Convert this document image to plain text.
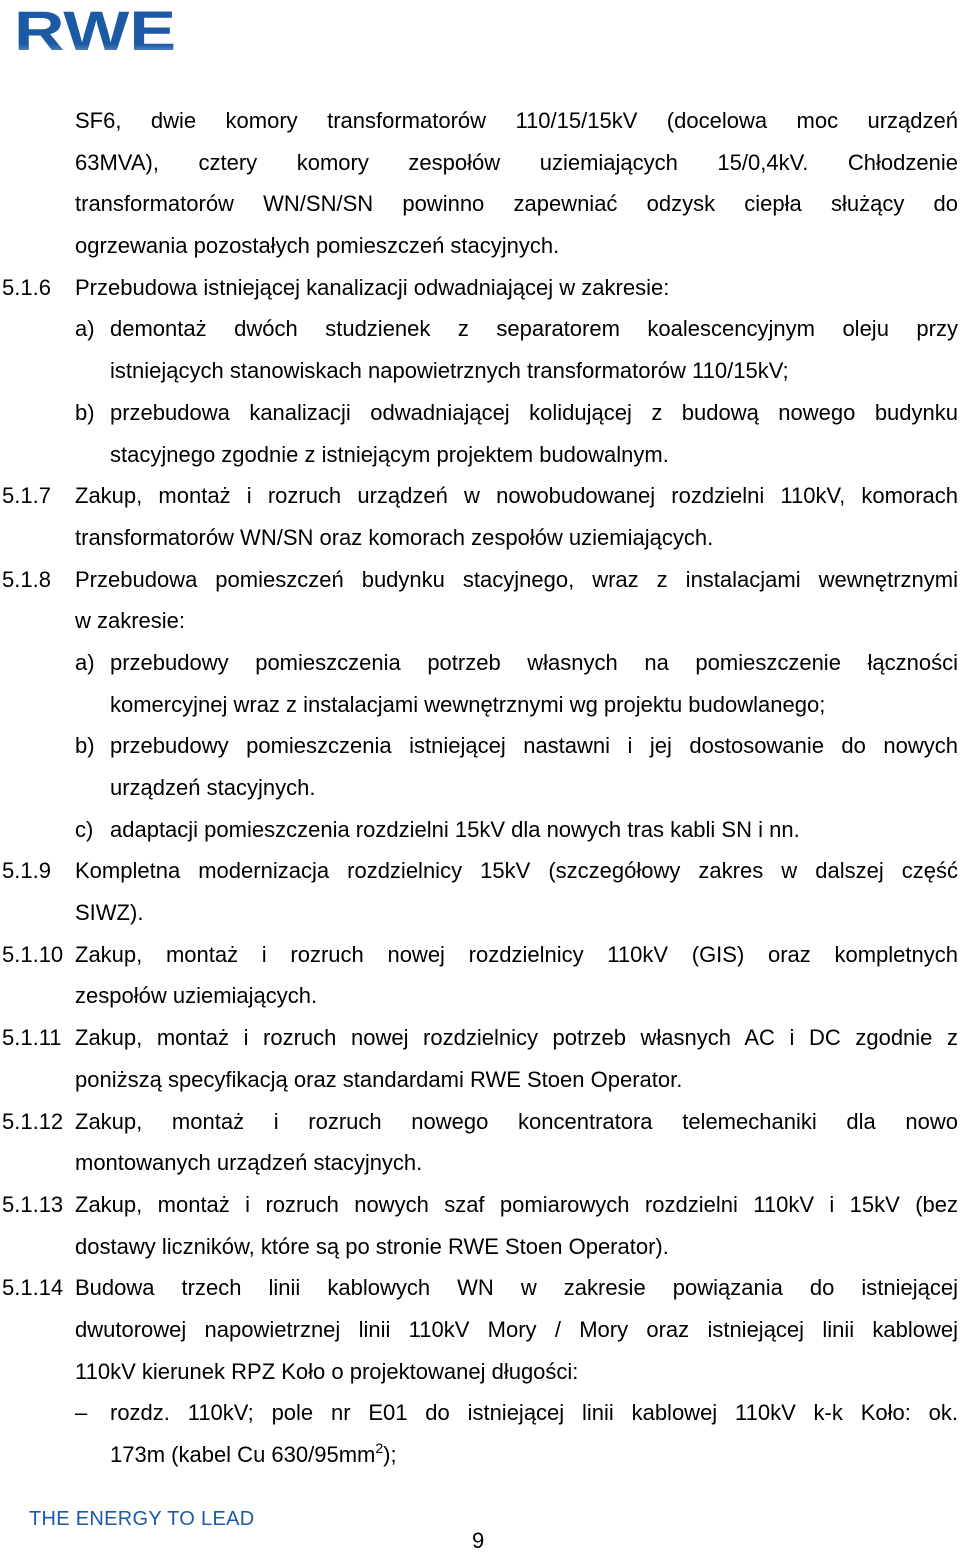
RWE
SF6, dwie komory transformatorów 110/15/15kV (docelowa moc urządzeń
63MVA), cztery komory zespołów uziemiających 15/0,4kV. Chłodzenie
transformatorów WN/SN/SN powinno zapewniać odzysk ciepła służący do
ogrzewania pozostałych pomieszczeń stacyjnych.
5.1.6 Przebudowa istniejącej kanalizacji odwadniającej w zakresie:
a) demontaż dwóch studzienek z separatorem koalescencyjnym oleju przy
istniejących stanowiskach napowietrznych transformatorów 110/15kV;
b) przebudowa kanalizacji odwadniającej kolidującej z budową nowego budynku
stacyjnego zgodnie z istniejącym projektem budowalnym.
5.1.7 Zakup, montaż i rozruch urządzeń w nowobudowanej rozdzielni 110kV, komorach
transformatorów WN/SN oraz komorach zespołów uziemiających.
5.1.8 Przebudowa pomieszczeń budynku stacyjnego, wraz z instalacjami wewnętrznymi
w zakresie:
a) przebudowy pomieszczenia potrzeb własnych na pomieszczenie łączności
komercyjnej wraz z instalacjami wewnętrznymi wg projektu budowlanego;
b) przebudowy pomieszczenia istniejącej nastawni i jej dostosowanie do nowych
urządzeń stacyjnych.
c) adaptacji pomieszczenia rozdzielni 15kV dla nowych tras kabli SN i nn.
5.1.9 Kompletna modernizacja rozdzielnicy 15kV (szczegółowy zakres w dalszej część
SIWZ).
5.1.10 Zakup, montaż i rozruch nowej rozdzielnicy 110kV (GIS) oraz kompletnych
zespołów uziemiających.
5.1.11 Zakup, montaż i rozruch nowej rozdzielnicy potrzeb własnych AC i DC zgodnie z
poniższą specyfikacją oraz standardami RWE Stoen Operator.
5.1.12 Zakup, montaż i rozruch nowego koncentratora telemechaniki dla nowo
montowanych urządzeń stacyjnych.
5.1.13 Zakup, montaż i rozruch nowych szaf pomiarowych rozdzielni 110kV i 15kV (bez
dostawy liczników, które są po stronie RWE Stoen Operator).
5.1.14 Budowa trzech linii kablowych WN w zakresie powiązania do istniejącej
dwutorowej napowietrznej linii 110kV Mory / Mory oraz istniejącej linii kablowej
110kV kierunek RPZ Koło o projektowanej długości:
– rozdz. 110kV; pole nr E01 do istniejącej linii kablowej 110kV k-k Koło: ok.
173m (kabel Cu $630/95mm^2$);
THE ENERGY TO LEAD
9
